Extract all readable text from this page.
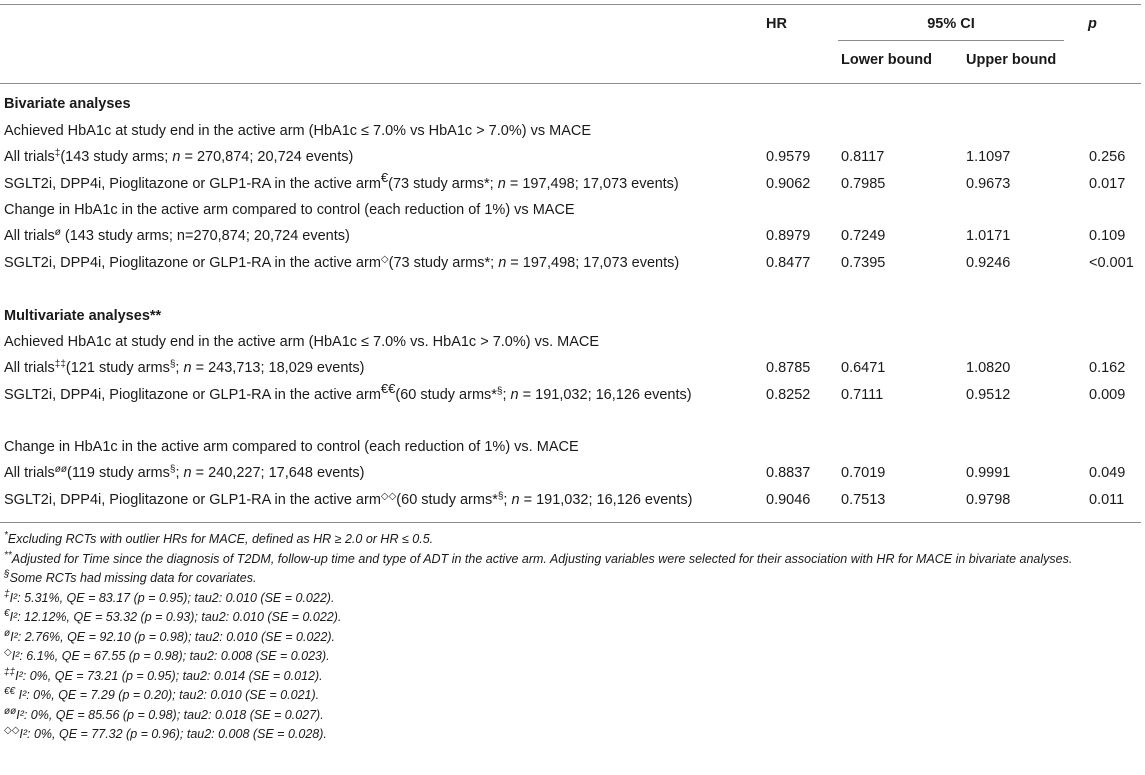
HR	95% CI	p
Lower bound Upper bound
Bivariate analyses
Achieved HbA1c at study end in the active arm (HbA1c ≤ 7.0% vs HbA1c > 7.0%) vs MACE
All trials‡(143 study arms; n = 270,874; 20,724 events)	0.9579 0.8117	1.1097	0.256
SGLT2i, DPP4i, Pioglitazone or GLP1-RA in the active arm€(73 study arms*; n = 197,498; 17,073 events)	0.9062 0.7985	0.9673	0.017
Change in HbA1c in the active arm compared to control (each reduction of 1%) vs MACE
All trials$^ø$ (143 study arms; n=270,874; 20,724 events)	0.8979 0.7249	1.0171	0.109
SGLT2i, DPP4i, Pioglitazone or GLP1-RA in the active arm◇(73 study arms*; n = 197,498; 17,073 events)	0.8477 0.7395	0.9246	<0.001
Multivariate analyses**
Achieved HbA1c at study end in the active arm (HbA1c ≤ 7.0% vs. HbA1c > 7.0%) vs. MACE
All trials‡‡(121 study arms§; n = 243,713; 18,029 events)	0.8785 0.6471	1.0820	0.162
SGLT2i, DPP4i, Pioglitazone or GLP1-RA in the active arm€€(60 study arms*§; n = 191,032; 16,126 events)	0.8252 0.7111	0.9512	0.009
Change in HbA1c in the active arm compared to control (each reduction of 1%) vs. MACE
All trials$^{øø}$(119 study arms§; n = 240,227; 17,648 events)	0.8837 0.7019	0.9991	0.049
SGLT2i, DPP4i, Pioglitazone or GLP1-RA in the active arm◇◇(60 study arms*§; n = 191,032; 16,126 events)	0.9046 0.7513	0.9798	0.011

*Excluding RCTs with outlier HRs for MACE, defined as HR ≥ 2.0 or HR ≤ 0.5.

**Adjusted for Time since the diagnosis of T2DM, follow-up time and type of ADT in the active arm. Adjusting variables were selected for their association with HR for MACE in bivariate analyses.

§Some RCTs had missing data for covariates.

‡I²: 5.31%, QE = 83.17 (p = 0.95); tau2: 0.010 (SE = 0.022).

€I²: 12.12%, QE = 53.32 (p = 0.93); tau2: 0.010 (SE = 0.022).

$^ø$I²: 2.76%, QE = 92.10 (p = 0.98); tau2: 0.010 (SE = 0.022).

◇I²: 6.1%, QE = 67.55 (p = 0.98); tau2: 0.008 (SE = 0.023).

‡‡I²: 0%, QE = 73.21 (p = 0.95); tau2: 0.014 (SE = 0.012).

€€ I²: 0%, QE = 7.29 (p = 0.20); tau2: 0.010 (SE = 0.021).

$^{øø}$I²: 0%, QE = 85.56 (p = 0.98); tau2: 0.018 (SE = 0.027).

◇◇I²: 0%, QE = 77.32 (p = 0.96); tau2: 0.008 (SE = 0.028).
